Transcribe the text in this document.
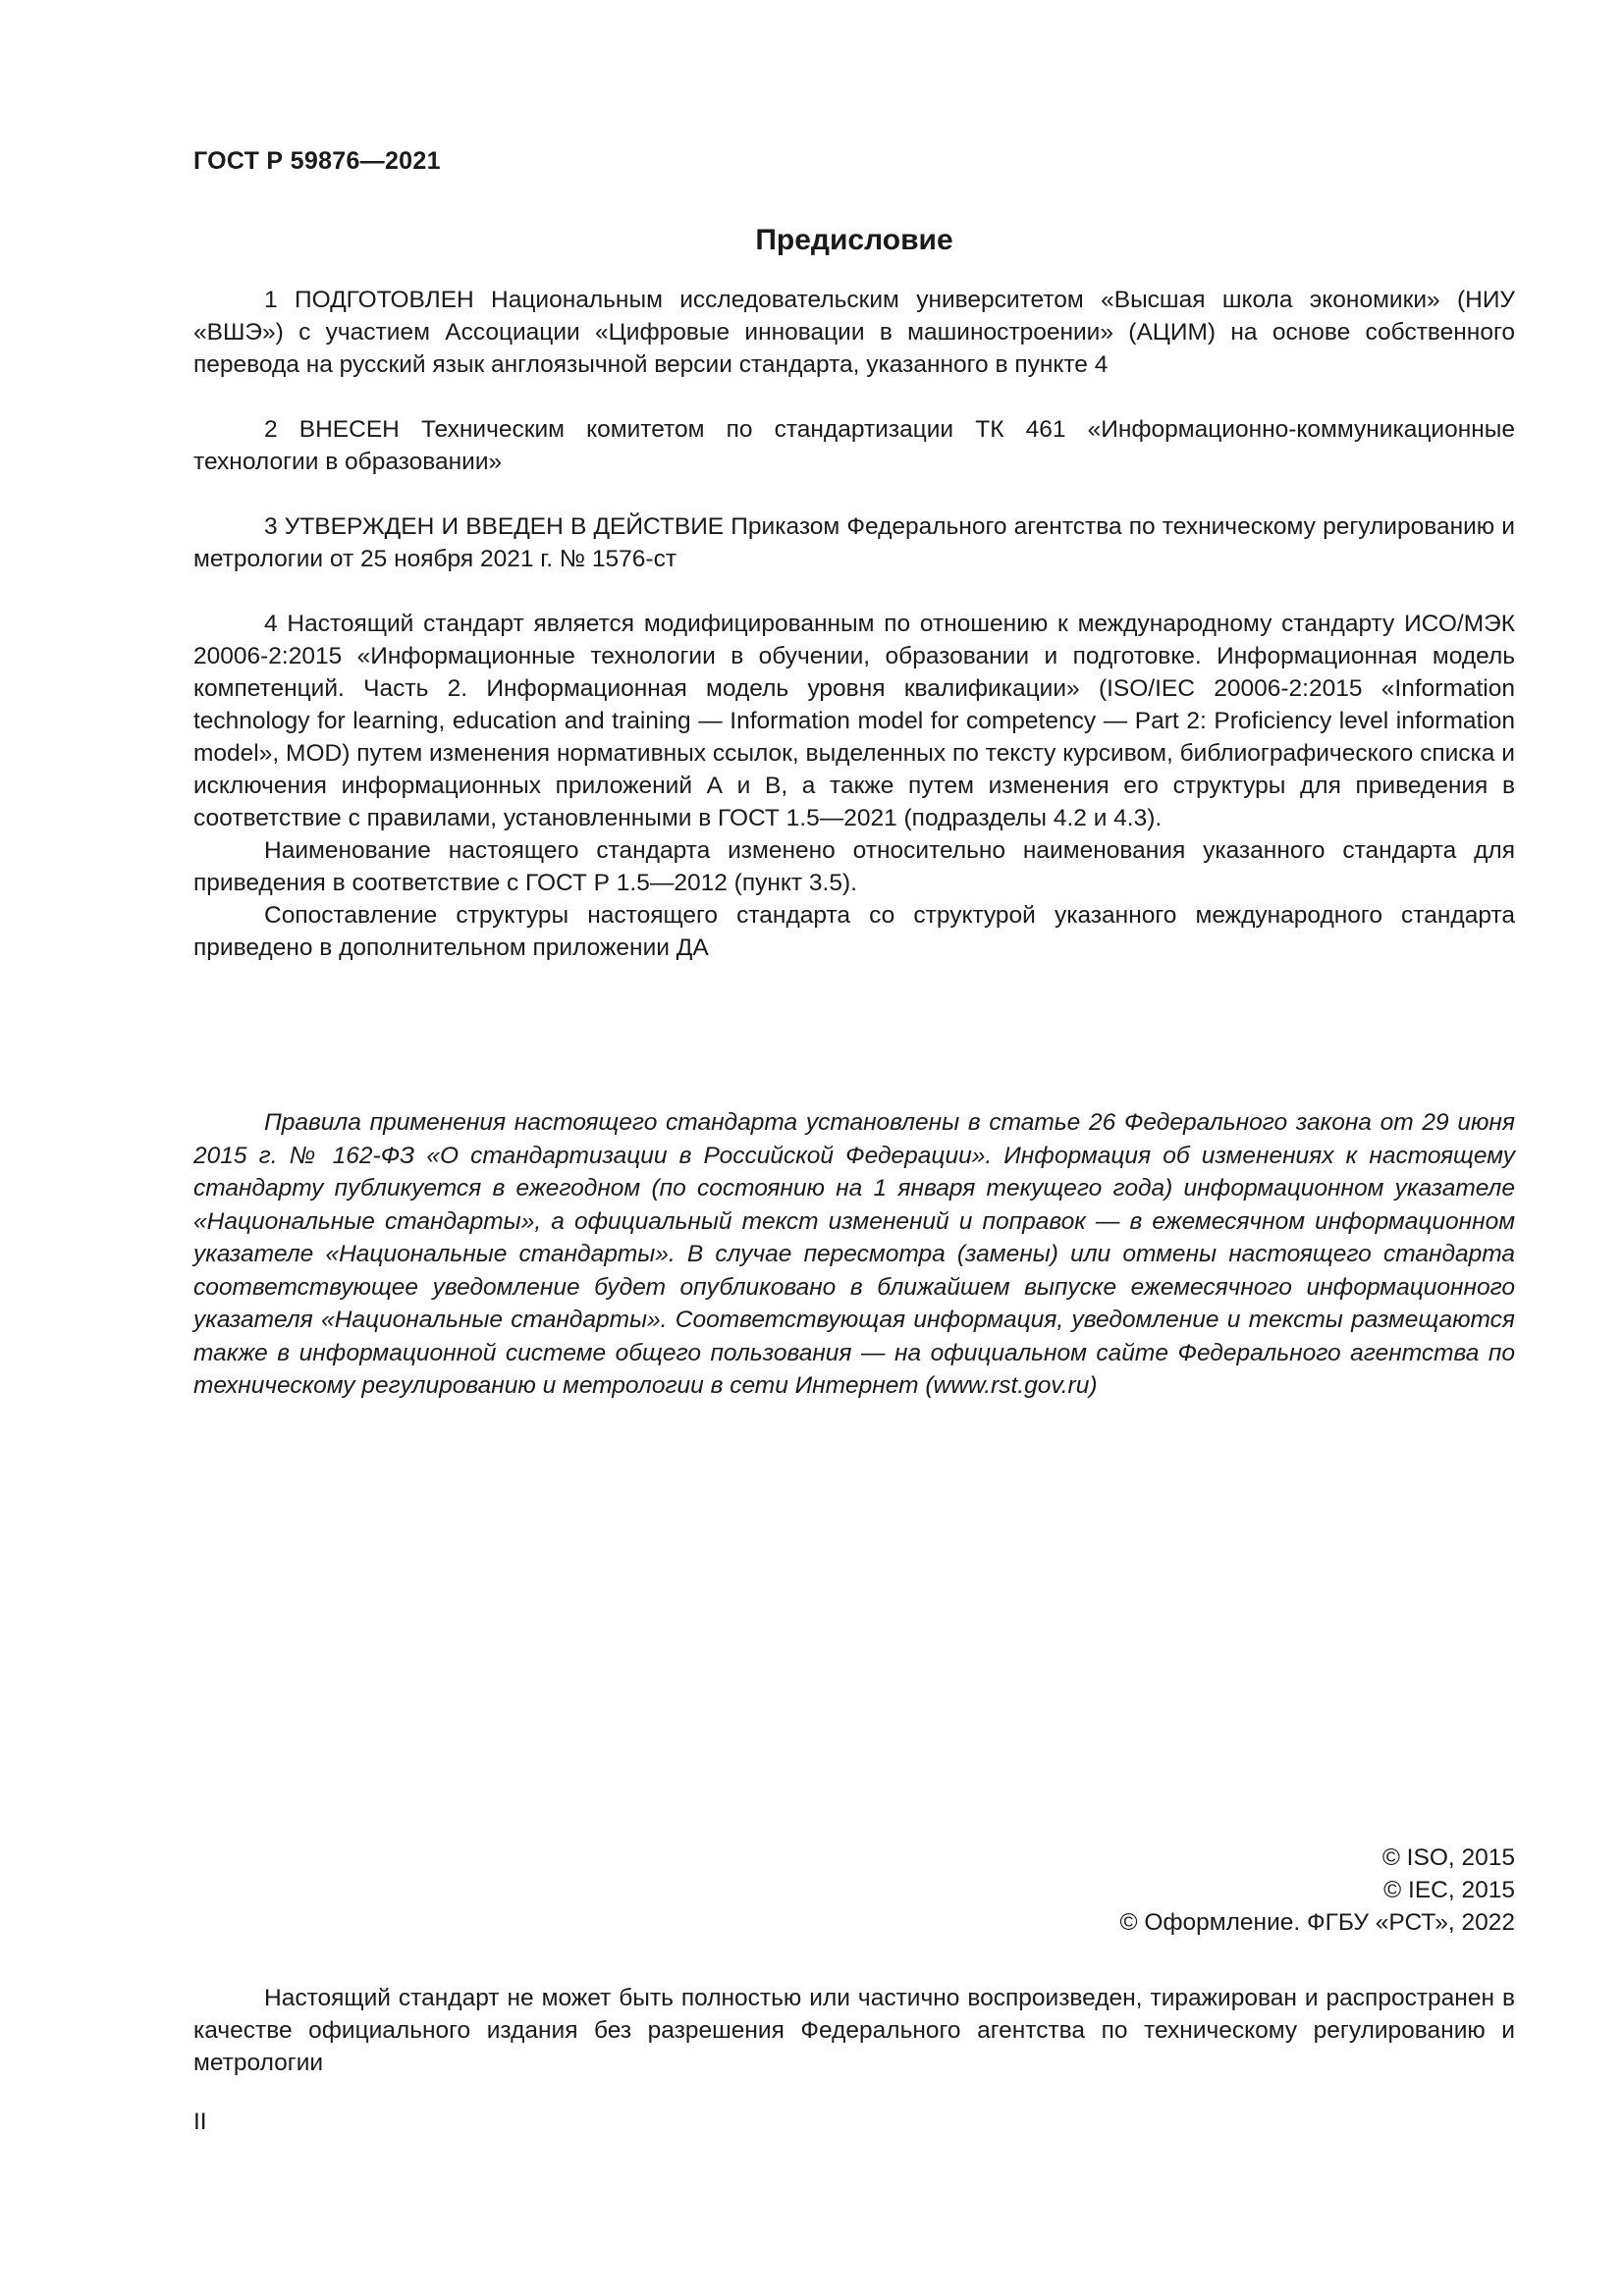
ГОСТ Р 59876—2021
Предисловие

1 ПОДГОТОВЛЕН Национальным исследовательским университетом «Высшая школа экономики» (НИУ «ВШЭ») с участием Ассоциации «Цифровые инновации в машиностроении» (АЦИМ) на основе собственного перевода на русский язык англоязычной версии стандарта, указанного в пункте 4

2 ВНЕСЕН Техническим комитетом по стандартизации ТК 461 «Информационно-коммуникационные технологии в образовании»

3 УТВЕРЖДЕН И ВВЕДЕН В ДЕЙСТВИЕ Приказом Федерального агентства по техническому регулированию и метрологии от 25 ноября 2021 г. № 1576-ст

4 Настоящий стандарт является модифицированным по отношению к международному стандарту ИСО/МЭК 20006-2:2015 «Информационные технологии в обучении, образовании и подготовке. Информационная модель компетенций. Часть 2. Информационная модель уровня квалификации» (ISO/IEC 20006-2:2015 «Information technology for learning, education and training — Information model for competency — Part 2: Proficiency level information model», MOD) путем изменения нормативных ссылок, выделенных по тексту курсивом, библиографического списка и исключения информационных приложений А и В, а также путем изменения его структуры для приведения в соответствие с правилами, установленными в ГОСТ 1.5—2021 (подразделы 4.2 и 4.3).

Наименование настоящего стандарта изменено относительно наименования указанного стандарта для приведения в соответствие с ГОСТ Р 1.5—2012 (пункт 3.5).

Сопоставление структуры настоящего стандарта со структурой указанного международного стандарта приведено в дополнительном приложении ДА

Правила применения настоящего стандарта установлены в статье 26 Федерального закона от 29 июня 2015 г. № 162-ФЗ «О стандартизации в Российской Федерации». Информация об изменениях к настоящему стандарту публикуется в ежегодном (по состоянию на 1 января текущего года) информационном указателе «Национальные стандарты», а официальный текст изменений и поправок — в ежемесячном информационном указателе «Национальные стандарты». В случае пересмотра (замены) или отмены настоящего стандарта соответствующее уведомление будет опубликовано в ближайшем выпуске ежемесячного информационного указателя «Национальные стандарты». Соответствующая информация, уведомление и тексты размещаются также в информационной системе общего пользования — на официальном сайте Федерального агентства по техническому регулированию и метрологии в сети Интернет (www.rst.gov.ru)

© ISO, 2015
© IEC, 2015
© Оформление. ФГБУ «РСТ», 2022

Настоящий стандарт не может быть полностью или частично воспроизведен, тиражирован и распространен в качестве официального издания без разрешения Федерального агентства по техническому регулированию и метрологии

II
